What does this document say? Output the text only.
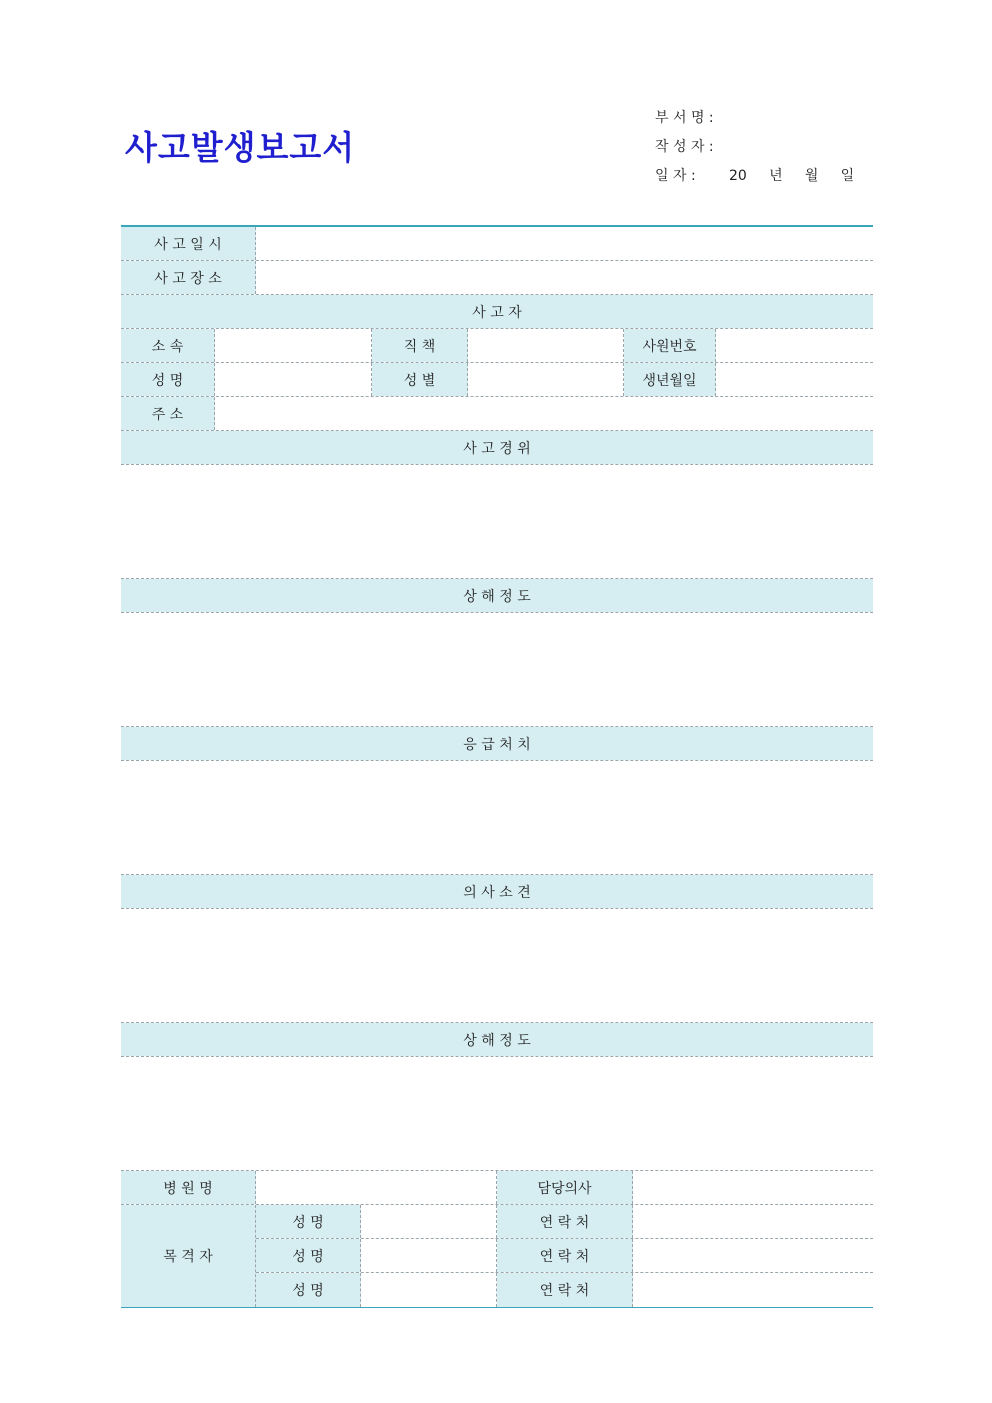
사고발생보고서
부 서 명 :
작 성 자 :
일 자 :	20     년     월     일
사 고 일 시
사 고 장 소
사 고 자
소 속	직 책	사원번호
성 명	성 별	생년월일
주 소
사 고 경 위
상 해 정 도
응 급 처 치
의 사 소 견
상 해 정 도
병 원 명	담당의사
목 격 자
성 명	연 락 처
성 명	연 락 처
성 명	연 락 처
